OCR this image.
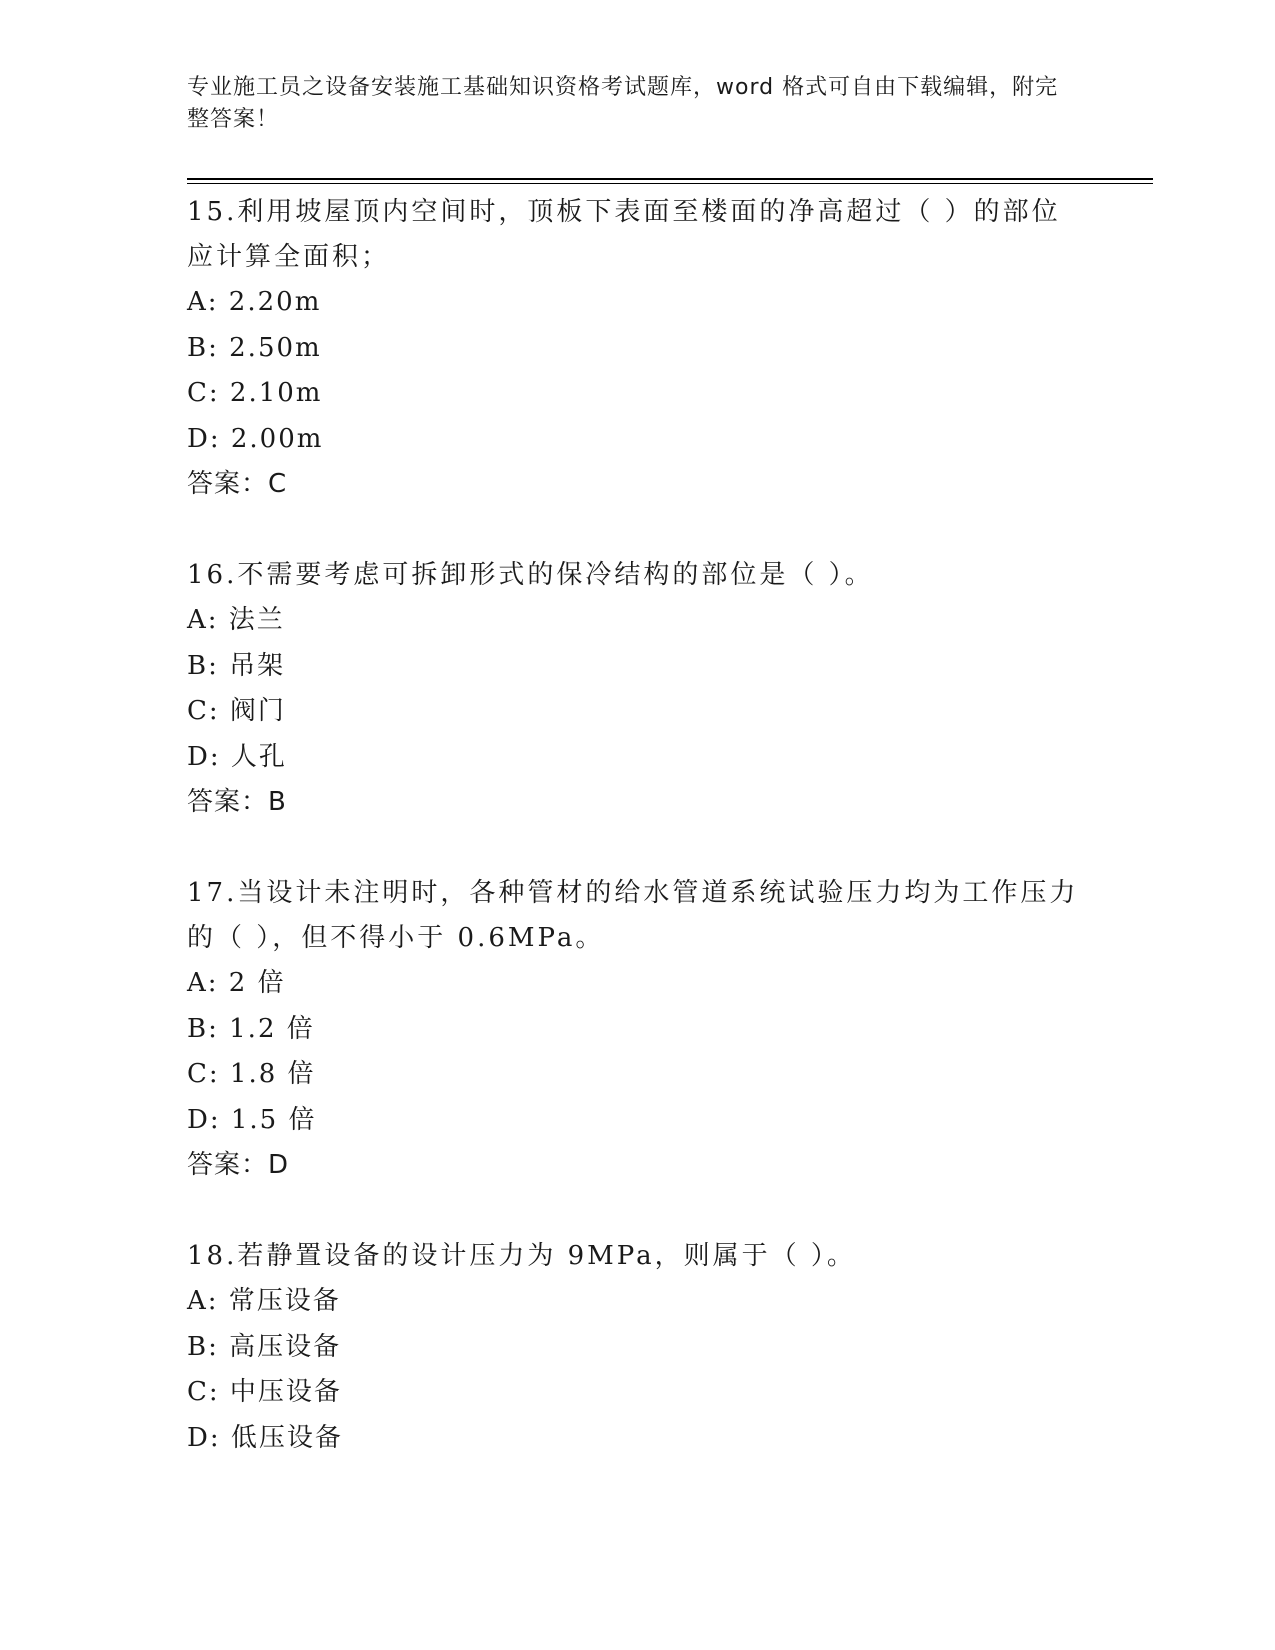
专业施工员之设备安装施工基础知识资格考试题库，word 格式可自由下载编辑，附完整答案！
15.利用坡屋顶内空间时，顶板下表面至楼面的净高超过（ ）的部位应计算全面积；
A: 2.20m
B: 2.50m
C: 2.10m
D: 2.00m
答案：C
16.不需要考虑可拆卸形式的保冷结构的部位是（ ）。
A: 法兰
B: 吊架
C: 阀门
D: 人孔
答案：B
17.当设计未注明时，各种管材的给水管道系统试验压力均为工作压力的（ ），但不得小于 0.6MPa。
A: 2 倍
B: 1.2 倍
C: 1.8 倍
D: 1.5 倍
答案：D
18.若静置设备的设计压力为 9MPa，则属于（ ）。
A: 常压设备
B: 高压设备
C: 中压设备
D: 低压设备
